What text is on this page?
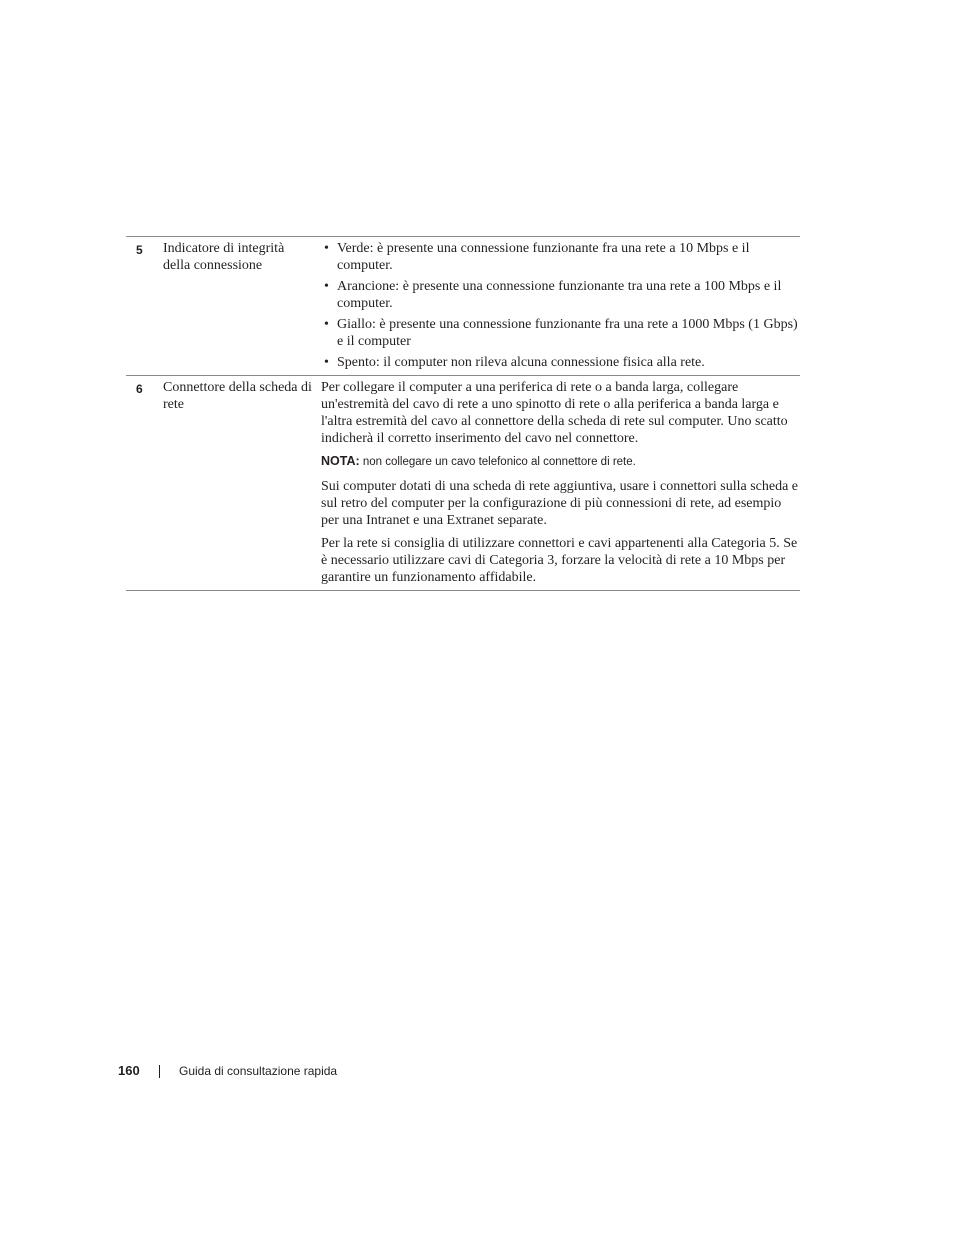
5 Indicatore di integrità della connessione
• Verde: è presente una connessione funzionante fra una rete a 10 Mbps e il computer.
• Arancione: è presente una connessione funzionante tra una rete a 100 Mbps e il computer.
• Giallo: è presente una connessione funzionante fra una rete a 1000 Mbps (1 Gbps) e il computer
• Spento: il computer non rileva alcuna connessione fisica alla rete.
6 Connettore della scheda di rete

Per collegare il computer a una periferica di rete o a banda larga, collegare un'estremità del cavo di rete a uno spinotto di rete o alla periferica a banda larga e l'altra estremità del cavo al connettore della scheda di rete sul computer. Uno scatto indicherà il corretto inserimento del cavo nel connettore.

NOTA: non collegare un cavo telefonico al connettore di rete.

Sui computer dotati di una scheda di rete aggiuntiva, usare i connettori sulla scheda e sul retro del computer per la configurazione di più connessioni di rete, ad esempio per una Intranet e una Extranet separate.

Per la rete si consiglia di utilizzare connettori e cavi appartenenti alla Categoria 5. Se è necessario utilizzare cavi di Categoria 3, forzare la velocità di rete a 10 Mbps per garantire un funzionamento affidabile.

160	Guida di consultazione rapida
